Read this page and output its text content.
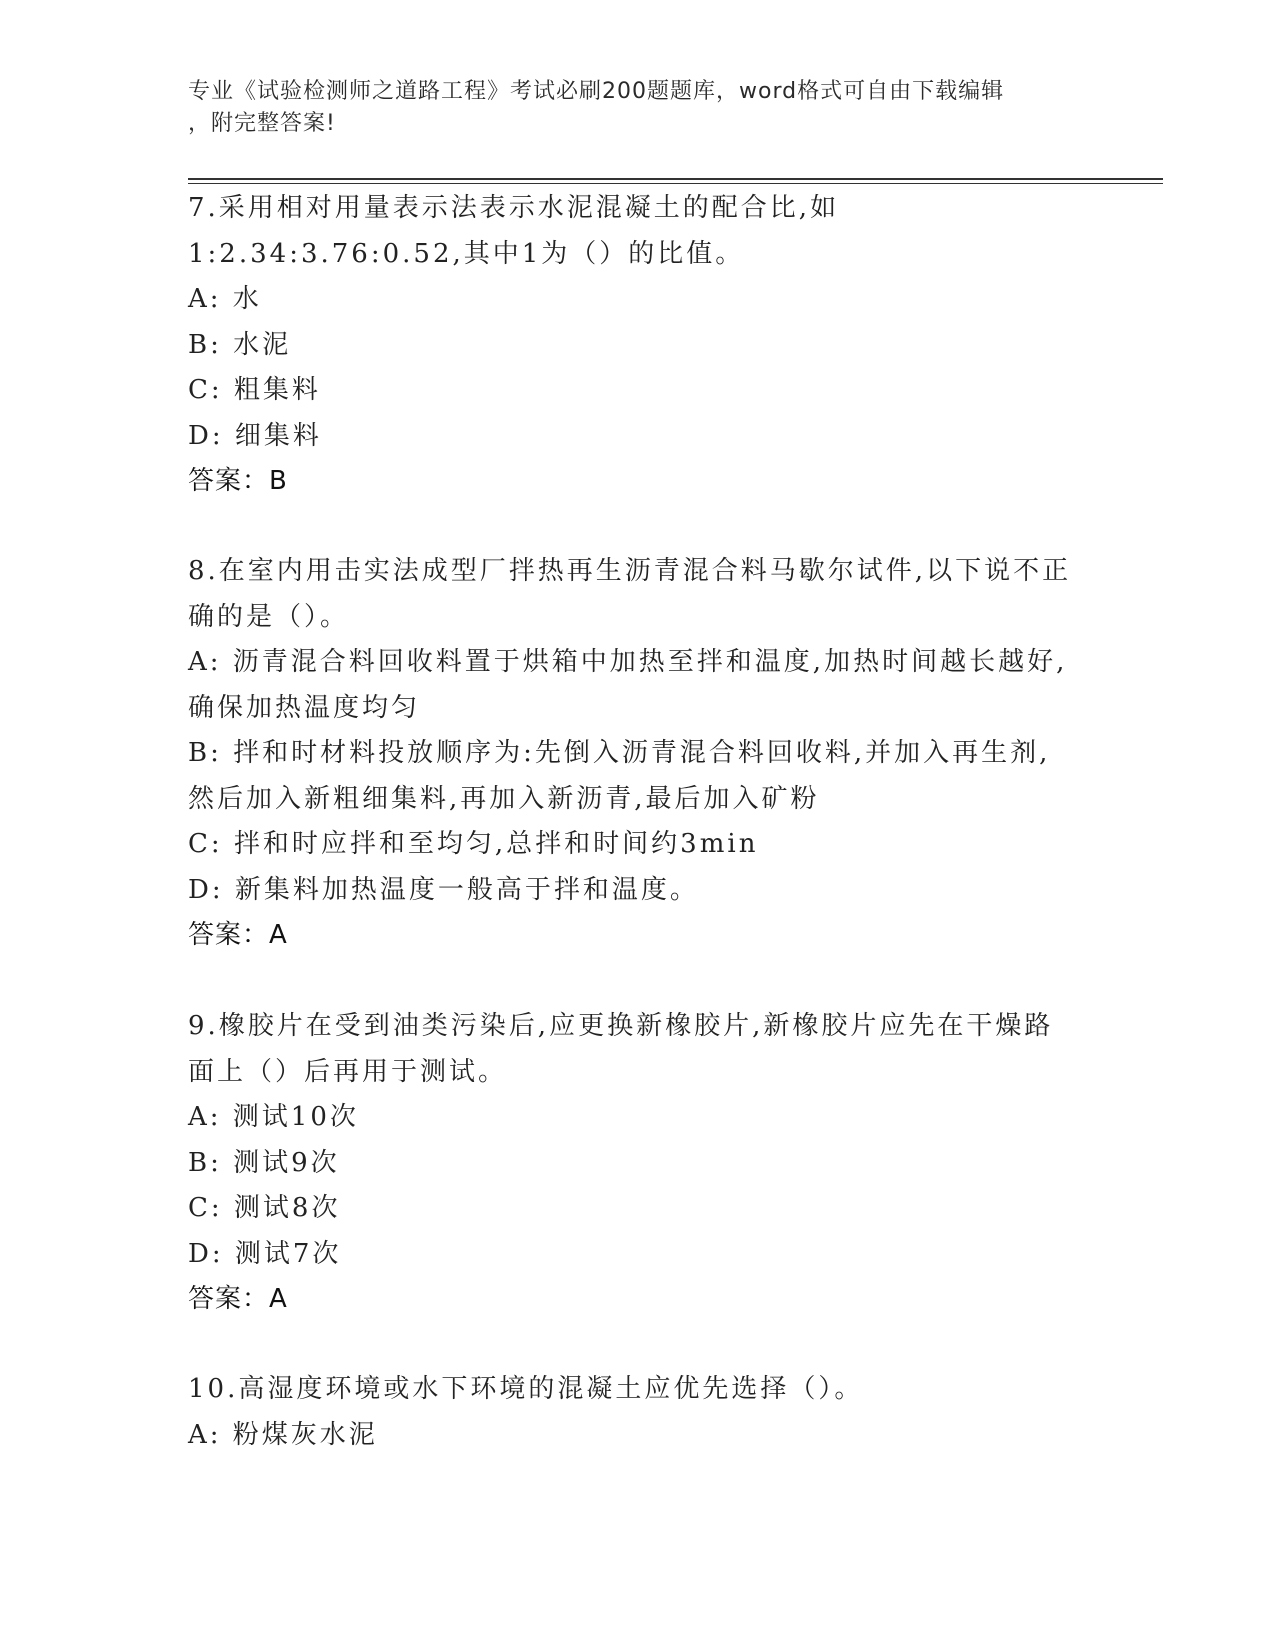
专业《试验检测师之道路工程》考试必刷200题题库，word格式可自由下载编辑
，附完整答案!
7.采用相对用量表示法表示水泥混凝土的配合比,如
1:2.34:3.76:0.52,其中1为（）的比值。
A: 水
B: 水泥
C: 粗集料
D: 细集料
答案：B
8.在室内用击实法成型厂拌热再生沥青混合料马歇尔试件,以下说不正
确的是（）。
A: 沥青混合料回收料置于烘箱中加热至拌和温度,加热时间越长越好,
确保加热温度均匀
B: 拌和时材料投放顺序为:先倒入沥青混合料回收料,并加入再生剂,
然后加入新粗细集料,再加入新沥青,最后加入矿粉
C: 拌和时应拌和至均匀,总拌和时间约3min
D: 新集料加热温度一般高于拌和温度。
答案：A
9.橡胶片在受到油类污染后,应更换新橡胶片,新橡胶片应先在干燥路
面上（）后再用于测试。
A: 测试10次
B: 测试9次
C: 测试8次
D: 测试7次
答案：A
10.高湿度环境或水下环境的混凝土应优先选择（）。
A: 粉煤灰水泥
